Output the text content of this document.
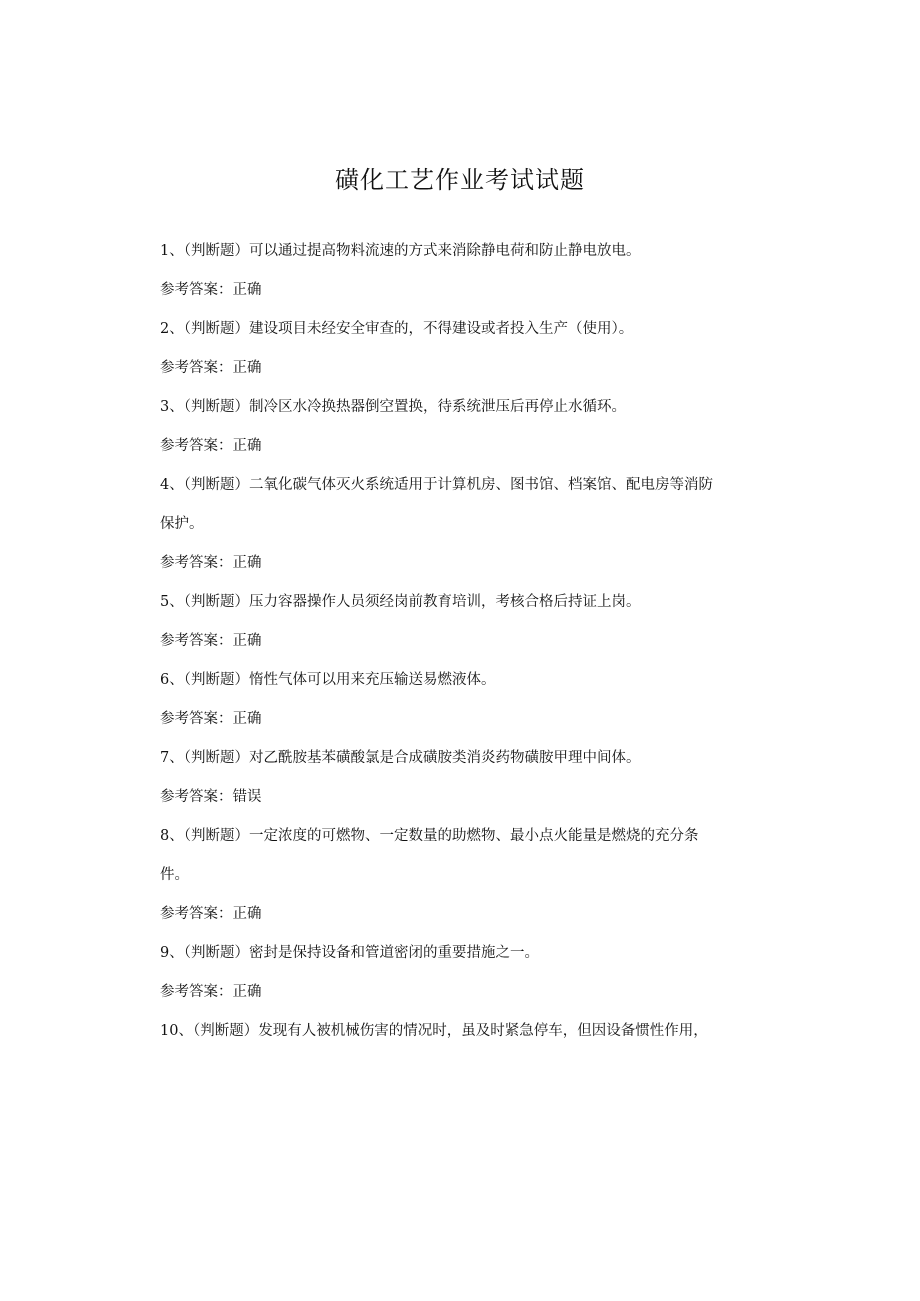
磺化工艺作业考试试题
1、（判断题）可以通过提高物料流速的方式来消除静电荷和防止静电放电。
参考答案：正确
2、（判断题）建设项目未经安全审查的，不得建设或者投入生产（使用）。
参考答案：正确
3、（判断题）制冷区水冷换热器倒空置换，待系统泄压后再停止水循环。
参考答案：正确
4、（判断题）二氧化碳气体灭火系统适用于计算机房、图书馆、档案馆、配电房等消防
保护。
参考答案：正确
5、（判断题）压力容器操作人员须经岗前教育培训，考核合格后持证上岗。
参考答案：正确
6、（判断题）惰性气体可以用来充压输送易燃液体。
参考答案：正确
7、（判断题）对乙酰胺基苯磺酸氯是合成磺胺类消炎药物磺胺甲理中间体。
参考答案：错误
8、（判断题）一定浓度的可燃物、一定数量的助燃物、最小点火能量是燃烧的充分条
件。
参考答案：正确
9、（判断题）密封是保持设备和管道密闭的重要措施之一。
参考答案：正确
10、（判断题）发现有人被机械伤害的情况时，虽及时紧急停车，但因设备惯性作用，
